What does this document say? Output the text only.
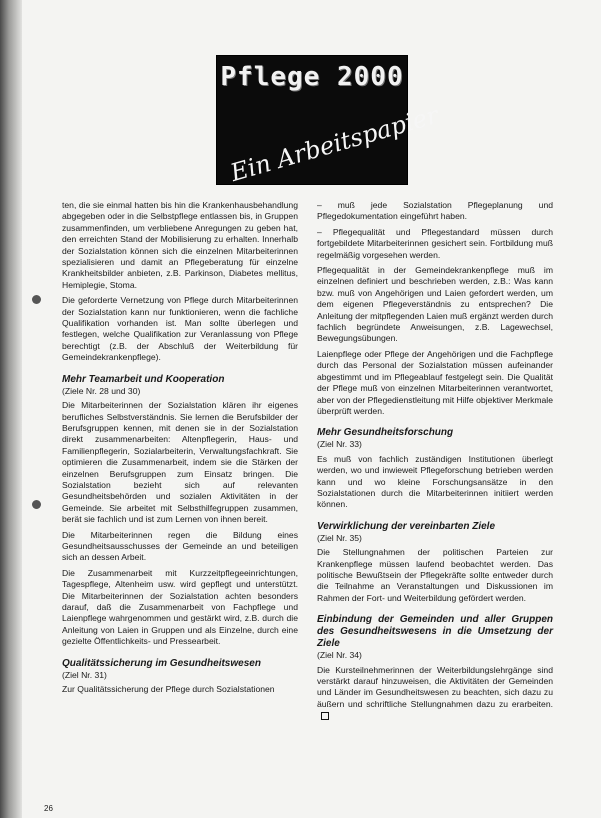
Pflege 2000
Ein Arbeitspapier

ten, die sie einmal hatten bis hin die Krankenhausbehandlung abgegeben oder in die Selbstpflege entlassen bis, in Gruppen zusammenfinden, um verbliebene Anregungen zu geben hat, den erreichten Stand der Mobilisierung zu erhalten. Innerhalb der Sozialstation können sich die einzelnen Mitarbeiterinnen spezialisieren und damit an Pflegeberatung für einzelne Krankheitsbilder anbieten, z.B. Parkinson, Diabetes mellitus, Hemiplegie, Stoma.

Die geforderte Vernetzung von Pflege durch Mitarbeiterinnen der Sozialstation kann nur funktionieren, wenn die fachliche Qualifikation vorhanden ist. Man sollte überlegen und festlegen, welche Qualifikation zur Veranlassung von Pflege berechtigt (z.B. der Abschluß der Weiterbildung für Gemeindekrankenpflege).

Mehr Teamarbeit und Kooperation
(Ziele Nr. 28 und 30)

Die Mitarbeiterinnen der Sozialstation klären ihr eigenes berufliches Selbstverständnis. Sie lernen die Berufsbilder der Berufsgruppen kennen, mit denen sie in der Sozialstation direkt zusammenarbeiten: Altenpflegerin, Haus- und Familienpflegerin, Sozialarbeiterin, Verwaltungsfachkraft. Sie optimieren die Zusammenarbeit, indem sie die Stärken der einzelnen Berufsgruppen zum Einsatz bringen. Die Sozialstation bezieht sich auf relevanten Gesundheitsbehörden und sozialen Aktivitäten in der Gemeinde. Sie arbeitet mit Selbsthilfegruppen zusammen, berät sie fachlich und ist zum Lernen von ihnen bereit.

Die Mitarbeiterinnen regen die Bildung eines Gesundheitsausschusses der Gemeinde an und beteiligen sich an dessen Arbeit.

Die Zusammenarbeit mit Kurzzeitpflegeeinrichtungen, Tagespflege, Altenheim usw. wird gepflegt und unterstützt. Die Mitarbeiterinnen der Sozialstation achten besonders darauf, daß die Zusammenarbeit von Fachpflege und Laienpflege wahrgenommen und gestärkt wird, z.B. durch die Anleitung von Laien in Gruppen und als Einzelne, durch eine gezielte Öffentlichkeits- und Pressearbeit.

Qualitätssicherung im Gesundheitswesen
(Ziel Nr. 31)

Zur Qualitätssicherung der Pflege durch Sozialstationen

– muß jede Sozialstation Pflegeplanung und Pflegedokumentation eingeführt haben.

– Pflegequalität und Pflegestandard müssen durch fortgebildete Mitarbeiterinnen gesichert sein. Fortbildung muß regelmäßig vorgesehen werden.

Pflegequalität in der Gemeindekrankenpflege muß im einzelnen definiert und beschrieben werden, z.B.: Was kann bzw. muß von Angehörigen und Laien gefordert werden, um dem eigenen Pflegeverständnis zu entsprechen? Die Anleitung der mitpflegenden Laien muß ergänzt werden durch fachlich begründete Anweisungen, z.B. Lagewechsel, Bewegungsübungen.

Laienpflege oder Pflege der Angehörigen und die Fachpflege durch das Personal der Sozialstation müssen aufeinander abgestimmt und im Pflegeablauf festgelegt sein. Die Qualität der Pflege muß von einzelnen Mitarbeiterinnen verantwortet, aber von der Pflegedienstleitung mit Hilfe objektiver Merkmale überprüft werden.

Mehr Gesundheitsforschung
(Ziel Nr. 33)

Es muß von fachlich zuständigen Institutionen überlegt werden, wo und inwieweit Pflegeforschung betrieben werden kann und wo kleine Forschungsansätze in den Sozialstationen durch die Mitarbeiterinnen initiiert werden können.

Verwirklichung der vereinbarten Ziele
(Ziel Nr. 35)

Die Stellungnahmen der politischen Parteien zur Krankenpflege müssen laufend beobachtet werden. Das politische Bewußtsein der Pflegekräfte sollte entweder durch die Teilnahme an Veranstaltungen und Diskussionen im Rahmen der Fort- und Weiterbildung gefördert werden.

Einbindung der Gemeinden und aller Gruppen des Gesundheitswesens in die Umsetzung der Ziele
(Ziel Nr. 34)

Die Kursteilnehmerinnen der Weiterbildungslehrgänge sind verstärkt darauf hinzuweisen, die Aktivitäten der Gemeinden und Länder im Gesundheitswesen zu beachten, sich dazu zu äußern und schriftliche Stellungnahmen dazu zu erarbeiten.

26
